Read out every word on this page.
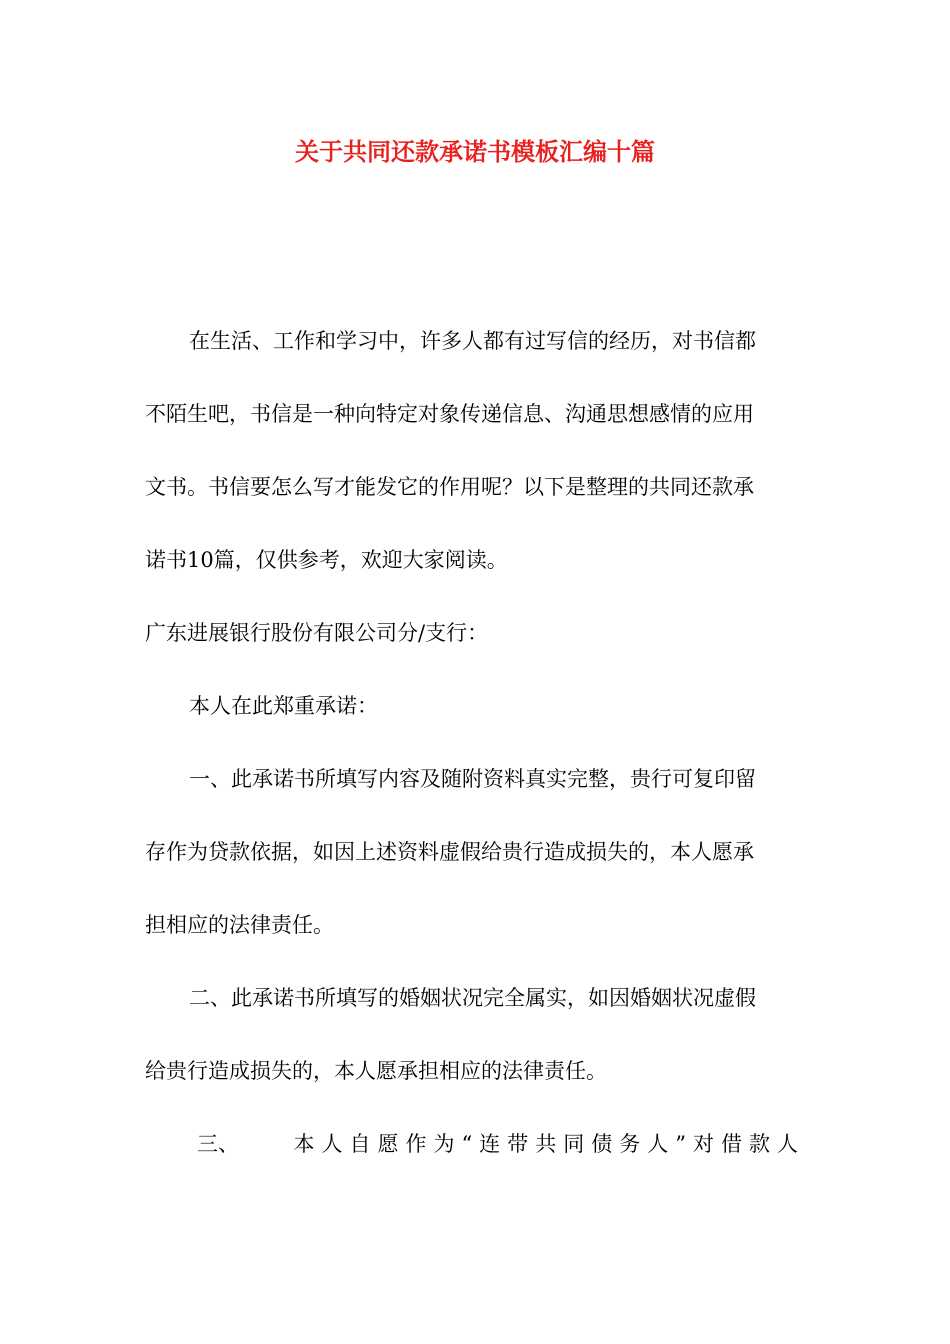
关于共同还款承诺书模板汇编十篇
在生活、工作和学习中，许多人都有过写信的经历，对书信都
不陌生吧，书信是一种向特定对象传递信息、沟通思想感情的应用
文书。书信要怎么写才能发它的作用呢？以下是整理的共同还款承
诺书10篇，仅供参考，欢迎大家阅读。
广东进展银行股份有限公司分/支行：
本人在此郑重承诺：
一、此承诺书所填写内容及随附资料真实完整，贵行可复印留
存作为贷款依据，如因上述资料虚假给贵行造成损失的，本人愿承
担相应的法律责任。
二、此承诺书所填写的婚姻状况完全属实，如因婚姻状况虚假
给贵行造成损失的，本人愿承担相应的法律责任。
三、	本人自愿作为“连带共同债务人”对借款人
